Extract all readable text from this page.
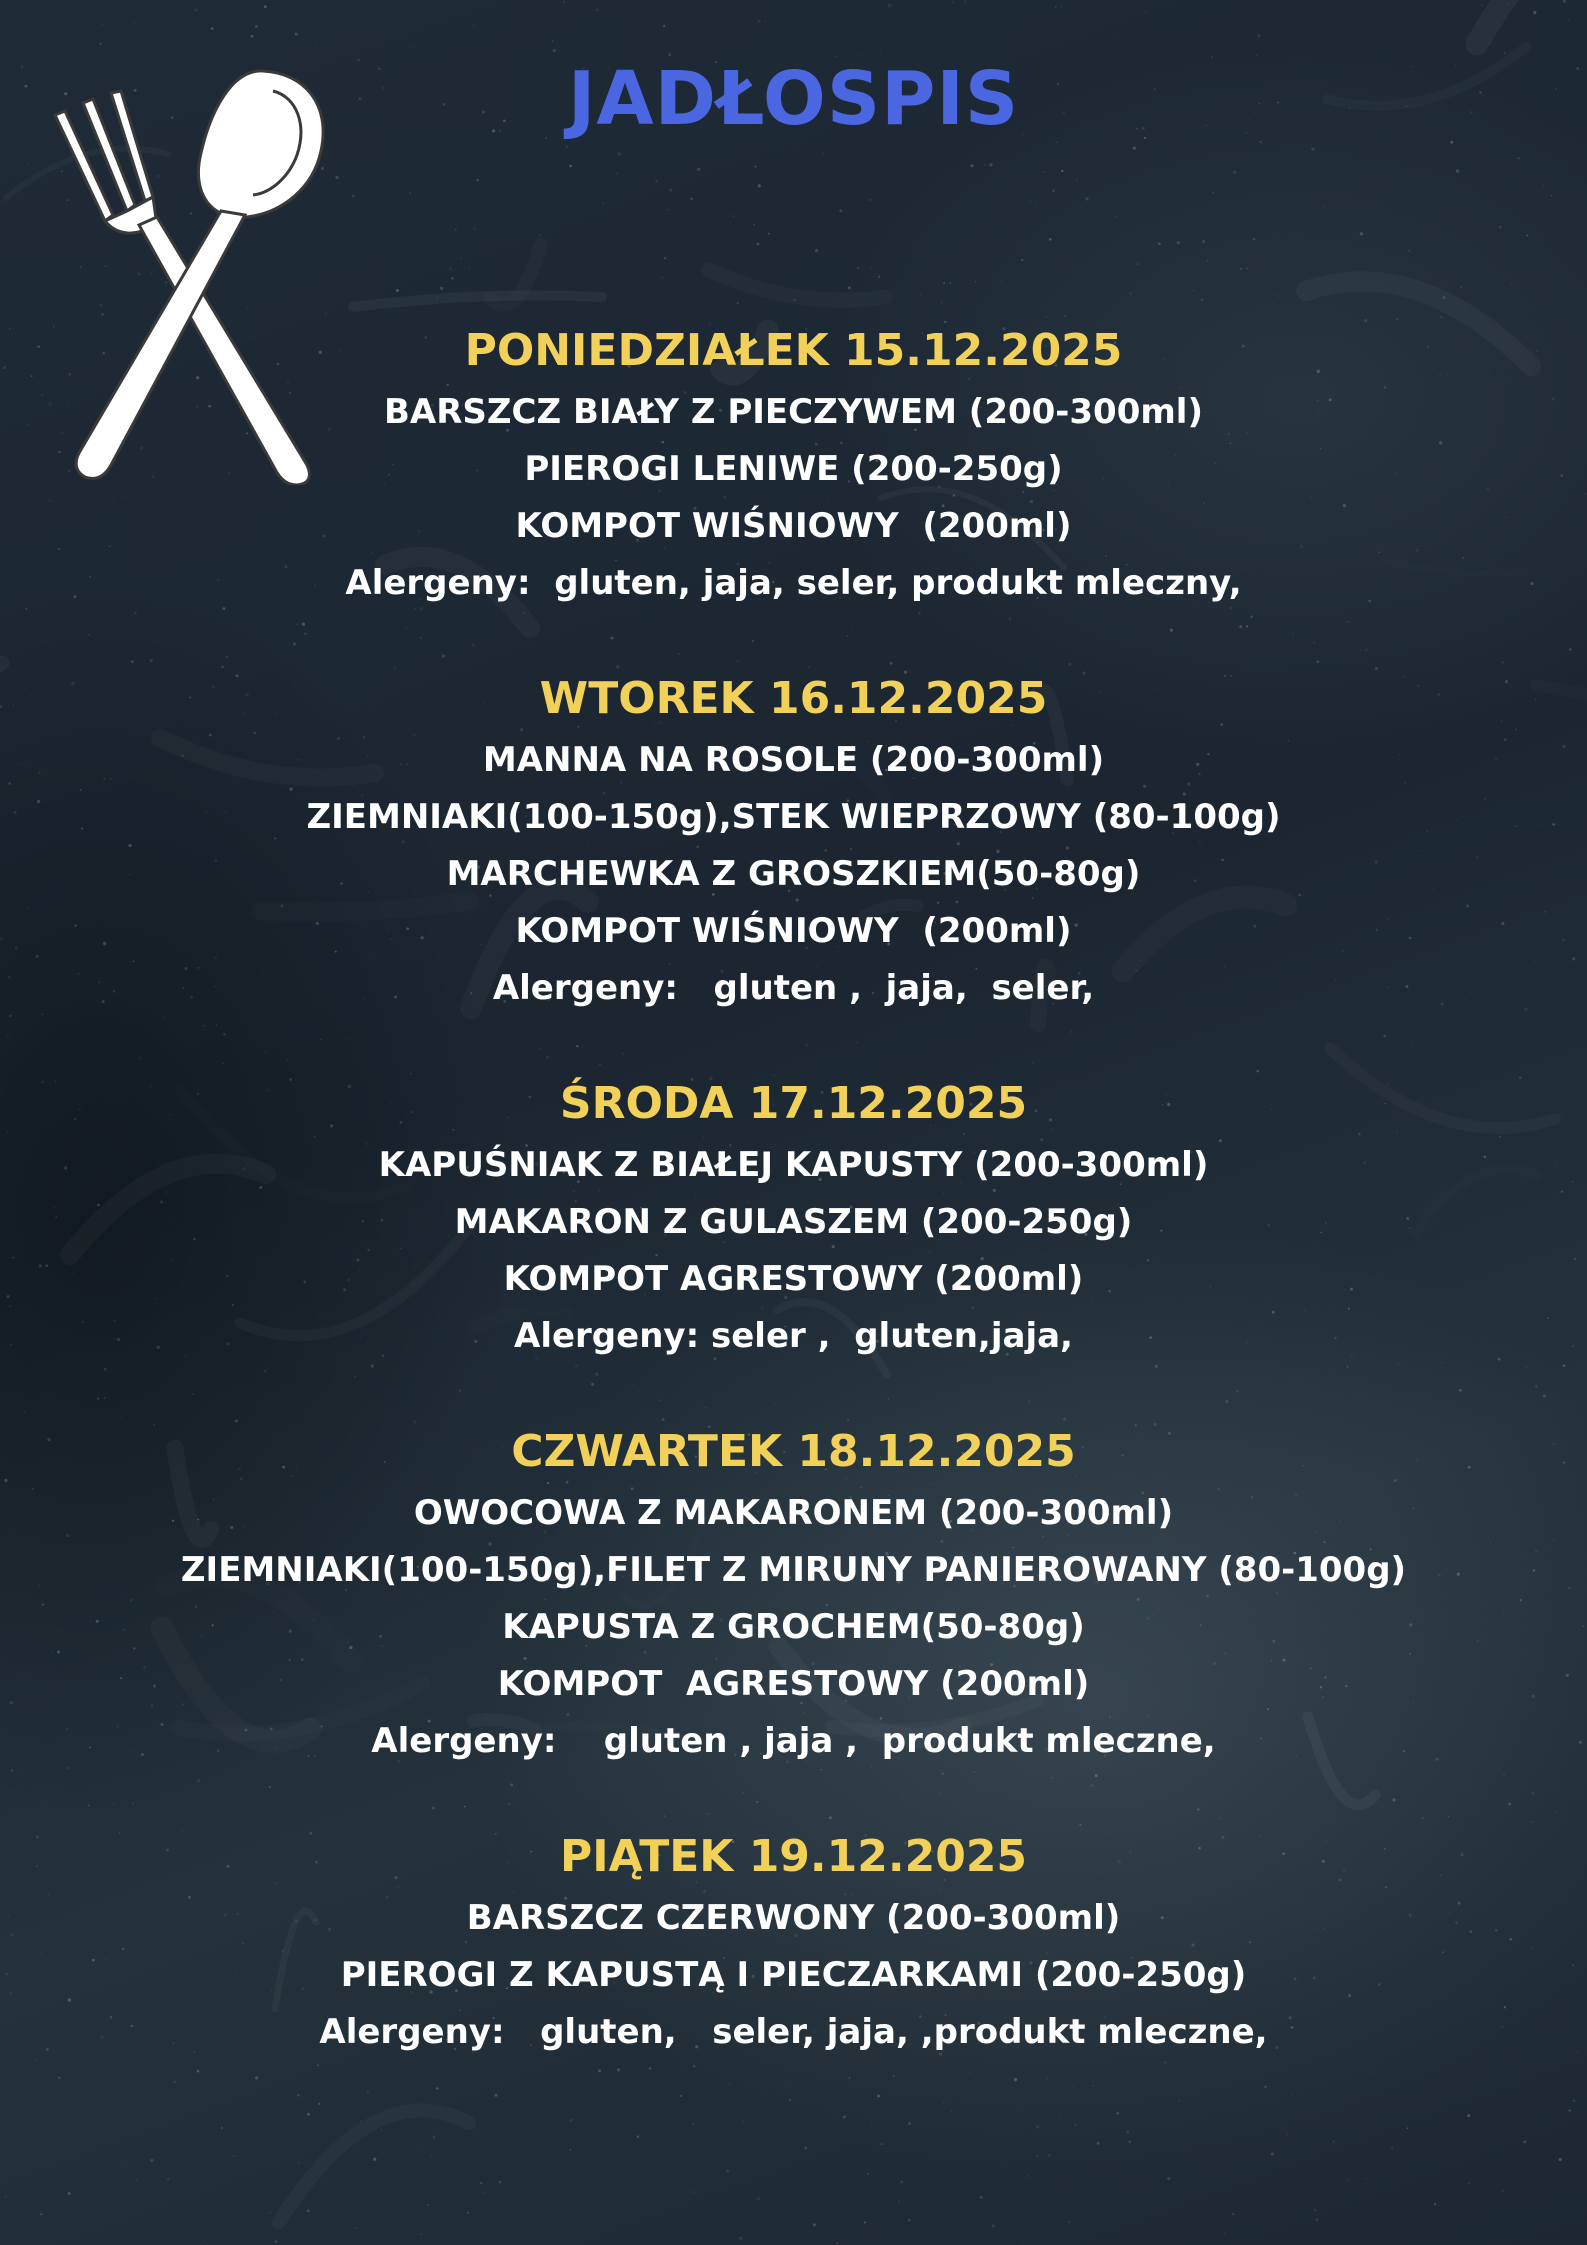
JADŁOSPIS
PONIEDZIAŁEK 15.12.2025
BARSZCZ BIAŁY Z PIECZYWEM (200-300ml)
PIEROGI LENIWE (200-250g)
KOMPOT WIŚNIOWY  (200ml)
Alergeny:  gluten, jaja, seler, produkt mleczny,
WTOREK 16.12.2025
MANNA NA ROSOLE (200-300ml)
ZIEMNIAKI(100-150g),STEK WIEPRZOWY (80-100g)
MARCHEWKA Z GROSZKIEM(50-80g)
KOMPOT WIŚNIOWY  (200ml)
Alergeny:   gluten ,  jaja,  seler,
ŚRODA 17.12.2025
KAPUŚNIAK Z BIAŁEJ KAPUSTY (200-300ml)
MAKARON Z GULASZEM (200-250g)
KOMPOT AGRESTOWY (200ml)
Alergeny: seler ,  gluten,jaja,
CZWARTEK 18.12.2025
OWOCOWA Z MAKARONEM (200-300ml)
ZIEMNIAKI(100-150g),FILET Z MIRUNY PANIEROWANY (80-100g)
KAPUSTA Z GROCHEM(50-80g)
KOMPOT  AGRESTOWY (200ml)
Alergeny:    gluten , jaja ,  produkt mleczne,
PIĄTEK 19.12.2025
BARSZCZ CZERWONY (200-300ml)
PIEROGI Z KAPUSTĄ I PIECZARKAMI (200-250g)
Alergeny:   gluten,   seler, jaja, ,produkt mleczne,
